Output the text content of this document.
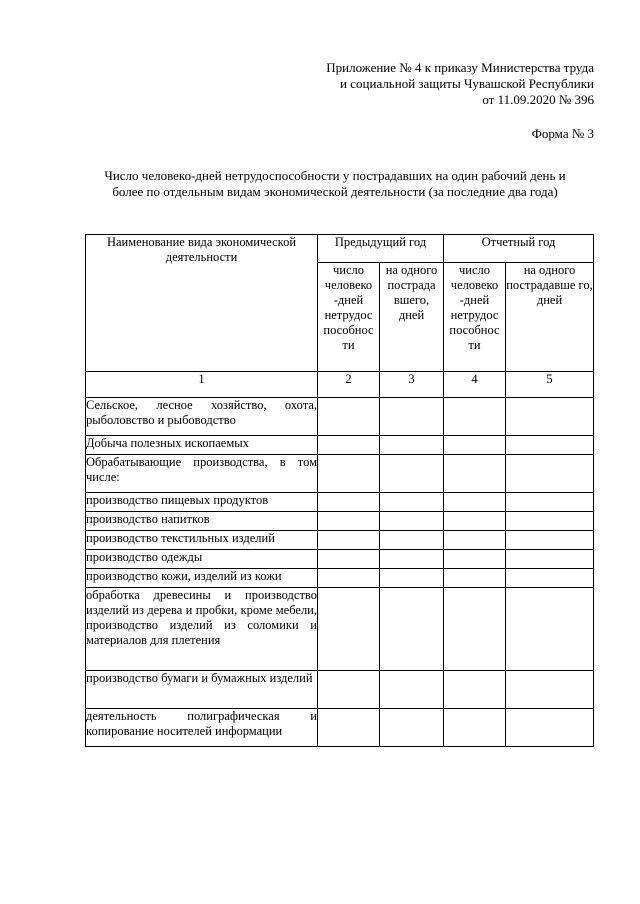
Приложение № 4 к приказу Министерства труда
и социальной защиты Чувашской Республики
от 11.09.2020 № 396
Форма № 3
Число человеко-дней нетрудоспособности у пострадавших на один рабочий день и
более по отдельным видам экономической деятельности (за последние два года)
Наименование вида экономической деятельности	Предыдущий год		Отчетный год	
	число человеко -дней нетрудос пособнос ти	на одного пострада вшего, дней	число человеко -дней нетрудос пособнос ти	на одного пострадавше го, дней
1	2	3	4	5
Сельское, лесное хозяйство, охота, рыболовство и рыбоводство				
Добыча полезных ископаемых				
Обрабатывающие производства, в том числе:				
производство пищевых продуктов				
производство напитков				
производство текстильных изделий				
производство одежды				
производство кожи, изделий из кожи				
обработка древесины и производство изделий из дерева и пробки, кроме мебели, производство изделий из соломики и материалов для плетения				
производство бумаги и бумажных изделий				
деятельность полиграфическая и копирование носителей информации				
